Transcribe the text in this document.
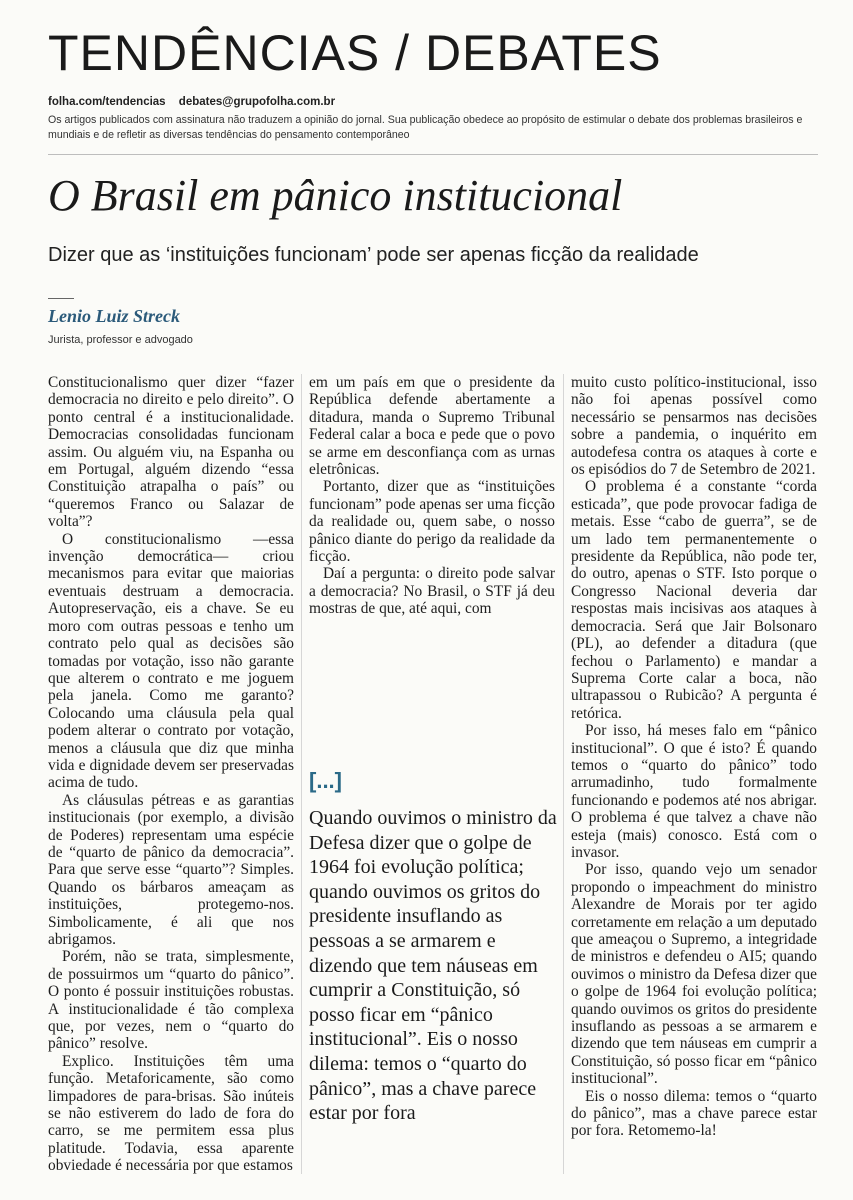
TENDÊNCIAS / DEBATES
folha.com/tendencias debates@grupofolha.com.br
Os artigos publicados com assinatura não traduzem a opinião do jornal. Sua publicação obedece ao propósito de estimular o debate dos problemas brasileiros e mundiais e de refletir as diversas tendências do pensamento contemporâneo
O Brasil em pânico institucional
Dizer que as ‘instituições funcionam’ pode ser apenas ficção da realidade
Lenio Luiz Streck
Jurista, professor e advogado

Constitucionalismo quer dizer “fazer democracia no direito e pelo direito”. O ponto central é a institucionalidade. Democracias consolidadas funcionam assim. Ou alguém viu, na Espanha ou em Portugal, alguém dizendo “essa Constituição atrapalha o país” ou “queremos Franco ou Salazar de volta”?

O constitucionalismo —essa invenção democrática— criou mecanismos para evitar que maiorias eventuais destruam a democracia. Autopreservação, eis a chave. Se eu moro com outras pessoas e tenho um contrato pelo qual as decisões são tomadas por votação, isso não garante que alterem o contrato e me joguem pela janela. Como me garanto? Colocando uma cláusula pela qual podem alterar o contrato por votação, menos a cláusula que diz que minha vida e dignidade devem ser preservadas acima de tudo.

As cláusulas pétreas e as garantias institucionais (por exemplo, a divisão de Poderes) representam uma espécie de “quarto de pânico da democracia”. Para que serve esse “quarto”? Simples. Quando os bárbaros ameaçam as instituições, protegemo-nos. Simbolicamente, é ali que nos abrigamos.

Porém, não se trata, simplesmente, de possuirmos um “quarto do pânico”. O ponto é possuir instituições robustas. A institucionalidade é tão complexa que, por vezes, nem o “quarto do pânico” resolve.

Explico. Instituições têm uma função. Metaforicamente, são como limpadores de para-brisas. São inúteis se não estiverem do lado de fora do carro, se me permitem essa plus platitude. Todavia, essa aparente obviedade é necessária por que estamos

em um país em que o presidente da República defende abertamente a ditadura, manda o Supremo Tribunal Federal calar a boca e pede que o povo se arme em desconfiança com as urnas eletrônicas.

Portanto, dizer que as “instituições funcionam” pode apenas ser uma ficção da realidade ou, quem sabe, o nosso pânico diante do perigo da realidade da ficção.

Daí a pergunta: o direito pode salvar a democracia? No Brasil, o STF já deu mostras de que, até aqui, com

[...]

Quando ouvimos o ministro da Defesa dizer que o golpe de 1964 foi evolução política; quando ouvimos os gritos do presidente insuflando as pessoas a se armarem e dizendo que tem náuseas em cumprir a Constituição, só posso ficar em “pânico institucional”. Eis o nosso dilema: temos o “quarto do pânico”, mas a chave parece estar por fora

muito custo político-institucional, isso não foi apenas possível como necessário se pensarmos nas decisões sobre a pandemia, o inquérito em autodefesa contra os ataques à corte e os episódios do 7 de Setembro de 2021.

O problema é a constante “corda esticada”, que pode provocar fadiga de metais. Esse “cabo de guerra”, se de um lado tem permanentemente o presidente da República, não pode ter, do outro, apenas o STF. Isto porque o Congresso Nacional deveria dar respostas mais incisivas aos ataques à democracia. Será que Jair Bolsonaro (PL), ao defender a ditadura (que fechou o Parlamento) e mandar a Suprema Corte calar a boca, não ultrapassou o Rubicão? A pergunta é retórica.

Por isso, há meses falo em “pânico institucional”. O que é isto? É quando temos o “quarto do pânico” todo arrumadinho, tudo formalmente funcionando e podemos até nos abrigar. O problema é que talvez a chave não esteja (mais) conosco. Está com o invasor.

Por isso, quando vejo um senador propondo o impeachment do ministro Alexandre de Morais por ter agido corretamente em relação a um deputado que ameaçou o Supremo, a integridade de ministros e defendeu o AI5; quando ouvimos o ministro da Defesa dizer que o golpe de 1964 foi evolução política; quando ouvimos os gritos do presidente insuflando as pessoas a se armarem e dizendo que tem náuseas em cumprir a Constituição, só posso ficar em “pânico institucional”.

Eis o nosso dilema: temos o “quarto do pânico”, mas a chave parece estar por fora. Retomemo-la!
